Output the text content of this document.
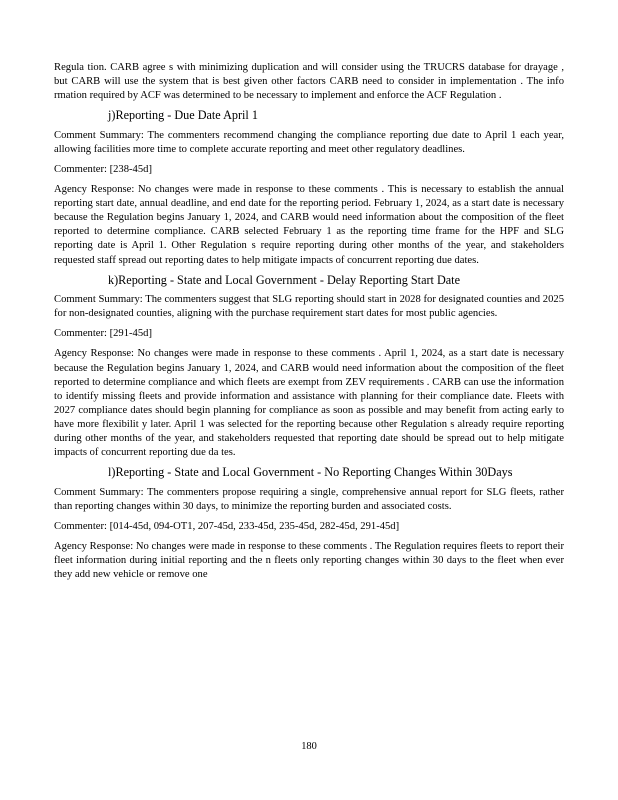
Regula tion. CARB agree s with minimizing duplication and will consider using the TRUCRS database for drayage , but CARB will use the system that is best given other factors CARB need to consider in implementation . The info rmation required by ACF was determined to be necessary to implement and enforce the ACF Regulation .

j)Reporting - Due Date April 1

Comment Summary: The commenters recommend changing the compliance reporting due date to April 1 each year, allowing facilities more time to complete accurate reporting and meet other regulatory deadlines.

Commenter: [238-45d]

Agency Response: No changes were made in response to these comments . This is necessary to establish the annual reporting start date, annual deadline, and end date for the reporting period. February 1, 2024, as a start date is necessary because the Regulation begins January 1, 2024, and CARB would need information about the composition of the fleet reported to determine compliance. CARB selected February 1 as the reporting time frame for the HPF and SLG reporting date is April 1. Other Regulation s require reporting during other months of the year, and stakeholders requested staff spread out reporting dates to help mitigate impacts of concurrent reporting due dates.

k)Reporting - State and Local Government - Delay Reporting Start Date

Comment Summary: The commenters suggest that SLG reporting should start in 2028 for designated counties and 2025 for non-designated counties, aligning with the purchase requirement start dates for most public agencies.

Commenter: [291-45d]

Agency Response: No changes were made in response to these comments . April 1, 2024, as a start date is necessary because the Regulation begins January 1, 2024, and CARB would need information about the composition of the fleet reported to determine compliance and which fleets are exempt from ZEV requirements . CARB can use the information to identify missing fleets and provide information and assistance with planning for their compliance date. Fleets with 2027 compliance dates should begin planning for compliance as soon as possible and may benefit from acting early to have more flexibilit y later. April 1 was selected for the reporting because other Regulation s already require reporting during other months of the year, and stakeholders requested that reporting date should be spread out to help mitigate impacts of concurrent reporting due da tes.

l)Reporting - State and Local Government - No Reporting Changes Within 30Days

Comment Summary: The commenters propose requiring a single, comprehensive annual report for SLG fleets, rather than reporting changes within 30 days, to minimize the reporting burden and associated costs.

Commenter: [014-45d, 094-OT1, 207-45d, 233-45d, 235-45d, 282-45d, 291-45d]

Agency Response: No changes were made in response to these comments . The Regulation requires fleets to report their fleet information during initial reporting and the n fleets only reporting changes within 30 days to the fleet when ever they add new vehicle or remove one

180
